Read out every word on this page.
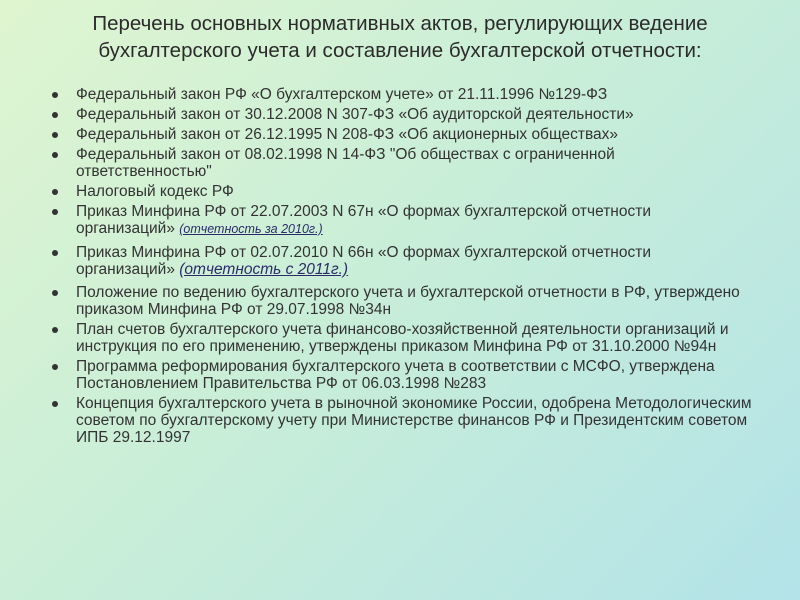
Перечень основных нормативных актов, регулирующих ведение бухгалтерского учета и составление бухгалтерской отчетности:
Федеральный закон РФ «О бухгалтерском учете» от 21.11.1996 №129-ФЗ
Федеральный закон от 30.12.2008 N 307-ФЗ «Об аудиторской деятельности»
Федеральный закон от 26.12.1995 N 208-ФЗ «Об акционерных обществах»
Федеральный закон от 08.02.1998 N 14-ФЗ "Об обществах с ограниченной ответственностью"
Налоговый кодекс РФ
Приказ Минфина РФ от 22.07.2003 N 67н «О формах бухгалтерской отчетности организаций» (отчетность за 2010г.)
Приказ Минфина РФ от 02.07.2010 N 66н «О формах бухгалтерской отчетности организаций» (отчетность с 2011г.)
Положение по ведению бухгалтерского учета и бухгалтерской отчетности в РФ, утверждено приказом Минфина РФ от 29.07.1998 №34н
План счетов бухгалтерского учета финансово-хозяйственной деятельности организаций и инструкция по его применению, утверждены приказом Минфина РФ от 31.10.2000 №94н
Программа реформирования бухгалтерского учета в соответствии с МСФО, утверждена Постановлением Правительства РФ от 06.03.1998 №283
Концепция бухгалтерского учета в рыночной экономике России, одобрена Методологическим советом по бухгалтерскому учету при Министерстве финансов РФ и Президентским советом ИПБ 29.12.1997
